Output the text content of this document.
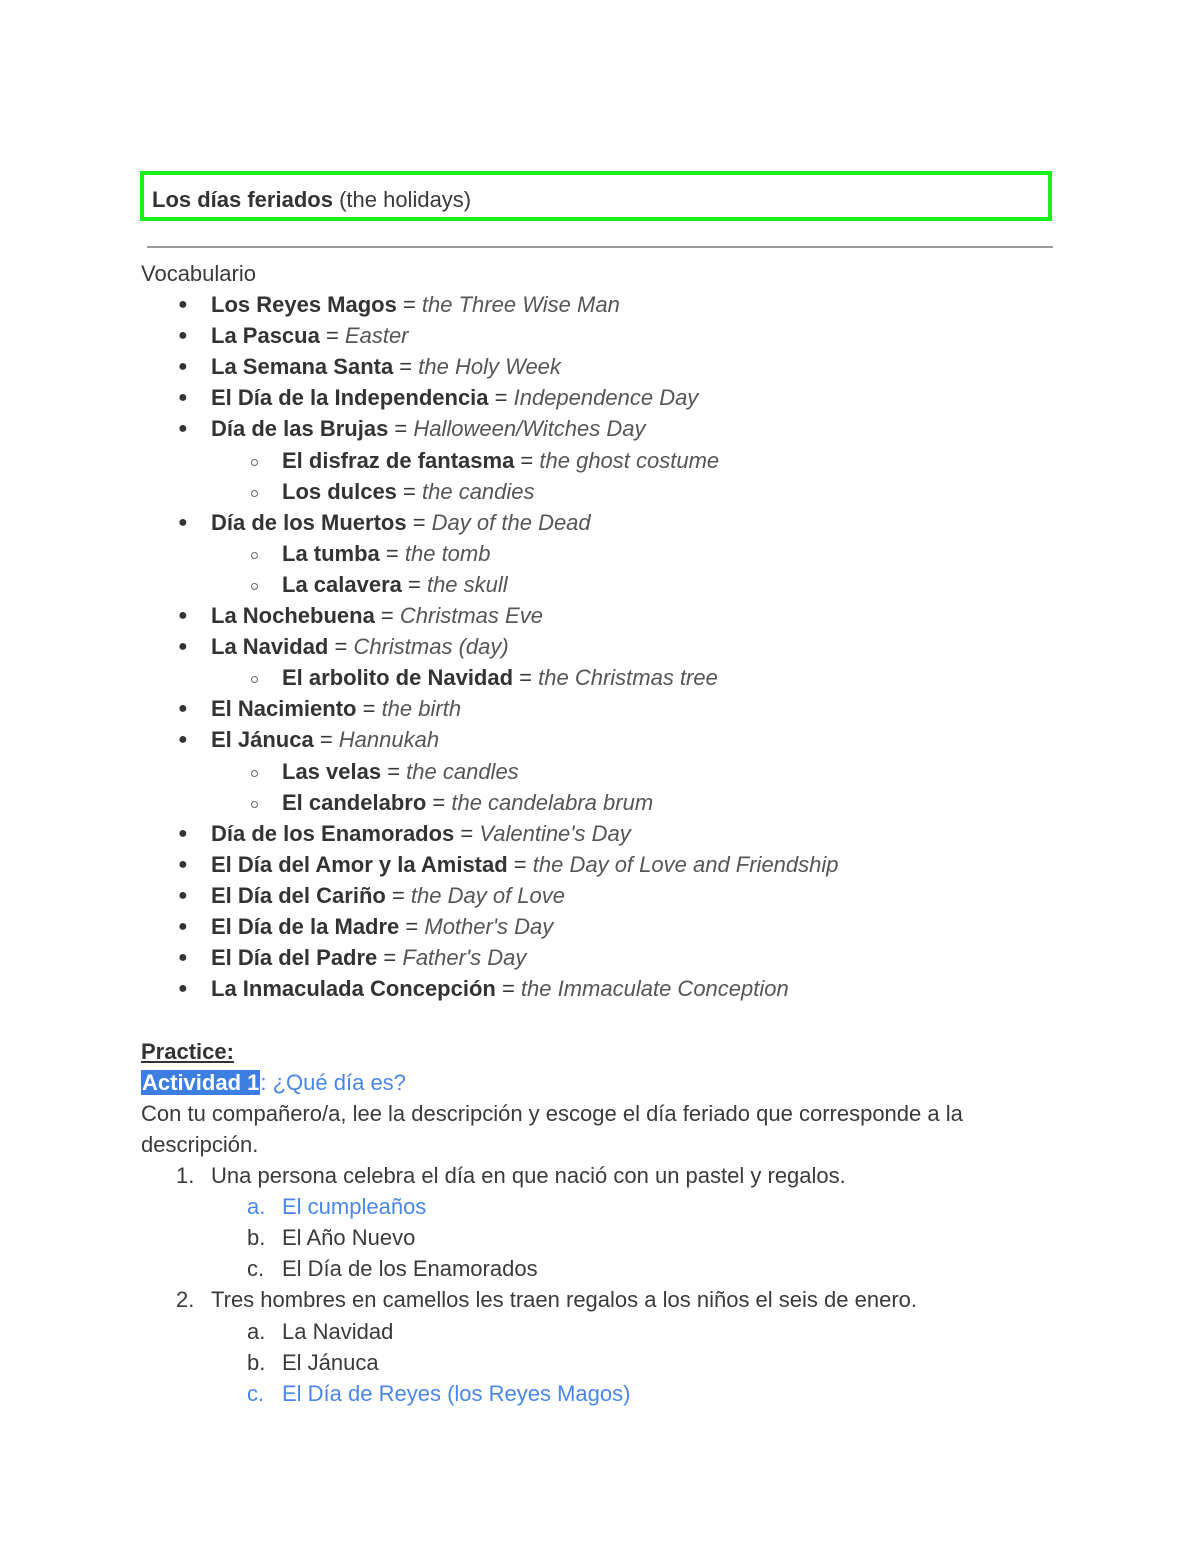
Los días feriados (the holidays)
Vocabulario
● Los Reyes Magos = the Three Wise Man
● La Pascua = Easter
● La Semana Santa = the Holy Week
● El Día de la Independencia = Independence Day
● Día de las Brujas = Halloween/Witches Day
El disfraz de fantasma = the ghost costume
Los dulces = the candies
● Día de los Muertos = Day of the Dead
La tumba = the tomb
La calavera = the skull
● La Nochebuena = Christmas Eve
● La Navidad = Christmas (day)
El arbolito de Navidad = the Christmas tree
● El Nacimiento = the birth
● El Jánuca = Hannukah
Las velas = the candles
El candelabro = the candelabra brum
● Día de los Enamorados = Valentine's Day
● El Día del Amor y la Amistad = the Day of Love and Friendship
● El Día del Cariño = the Day of Love
● El Día de la Madre = Mother's Day
● El Día del Padre = Father's Day
● La Inmaculada Concepción = the Immaculate Conception
Practice:
Actividad 1: ¿Qué día es?
Con tu compañero/a, lee la descripción y escoge el día feriado que corresponde a la
descripción.
1. Una persona celebra el día en que nació con un pastel y regalos.
a. El cumpleaños
b. El Año Nuevo
c. El Día de los Enamorados
2. Tres hombres en camellos les traen regalos a los niños el seis de enero.
a. La Navidad
b. El Jánuca
c. El Día de Reyes (los Reyes Magos)
